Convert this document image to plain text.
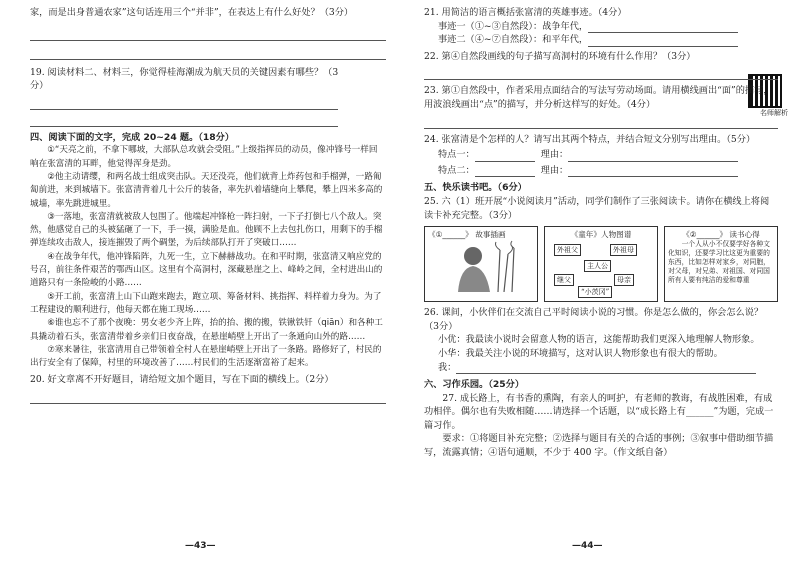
家，而是出身普通农家”这句话连用三个“并非”，在表达上有什么好处？（3分）

19. 阅读材料二、材料三，你觉得桂海潮成为航天员的关键因素有哪些？（3分）

四、阅读下面的文字，完成 20~24 题。（18分）

①“天亮之前，不拿下哪坡，大部队总攻就会受阻。”上级指挥员的动员，像冲锋号一样回响在张富清的耳畔，他觉得浑身是劲。

②他主动请缨，和两名战士组成突击队。天还没亮，他们就背上炸药包和手榴弹，一路匍匐前进，来到城墙下。张富清背着几十公斤的装备，率先扒着墙缝向上攀爬，攀上四米多高的城墙，率先跳进城里。

③一落地，张富清就被敌人包围了。他端起冲锋枪一阵扫射，一下子打倒七八个敌人。突然，他感觉自己的头被猛砸了一下，手一摸，满脸是血。他顾不上去包扎伤口，用剩下的手榴弹连续攻击敌人，接连摧毁了两个碉堡，为后续部队打开了突破口……

④在战争年代，他冲锋陷阵，九死一生，立下赫赫战功。在和平时期，张富清又响应党的号召，前往条件艰苦的鄂西山区。这里有个高洞村，深藏悬崖之上、峰岭之间，全村进出山的道路只有一条险峻的小路……

⑤开工前，张富清上山下山跑来跑去，跑立项、筹备材料、挑指挥、料样着力身为。为了工程建设的顺利进行，他每天都在施工现场……

⑥谁也忘不了那个夜晚：男女老少齐上阵，抬的抬、搬的搬，铁锹铁钎（qiān）和各种工具撬动着石头，张富清带着乡亲们日夜奋战，在悬崖峭壁上开出了一条通向山外的路……

⑦寒来暑往，张富清用自己带领着全村人在悬崖峭壁上开出了一条路。路修好了，村民的出行安全有了保障，村里的环境改善了……村民们的生活逐渐富裕了起来。

20. 好文章离不开好题目，请给短文加个题目，写在下面的横线上。（2分）

—43—
名师解析

21. 用简洁的语言概括张富清的英雄事迹。（4分）

事迹一（①~③自然段）：战争年代，

事迹二（④~⑦自然段）：和平年代，

22. 第④自然段画线的句子描写高洞村的环境有什么作用？（3分）

23. 第①自然段中，作者采用点面结合的写法写劳动场面。请用横线画出“面”的描写，用波浪线画出“点”的描写，并分析这样写的好处。（4分）

24. 张富清是个怎样的人？请写出其两个特点，并结合短文分别写出理由。（5分）

特点一：	理由：

特点二：	理由：

五、快乐读书吧。（6分）

25. 六（1）班开展“小说阅读月”活动，同学们制作了三张阅读卡。请你在横线上将阅读卡补充完整。（3分）

《①______》 故事插画	《童年》人物图谱
外祖父	外祖母
主人公
继父	母亲
“小茨冈”
《②______》 读书心得
一个人从小不仅要学好各种文化知识，还要学习比这更为重要的东西，比如怎样对家乡，对同胞，对父母，对兄弟、对祖国、对同国所有人要有纯洁的爱和尊重

26. 课间，小伙伴们在交流自己平时阅读小说的习惯。你是怎么做的，你会怎么说？（3分）

小优：我最读小说时会留意人物的语言，这能帮助我们更深入地理解人物形象。

小华：我最关注小说的环境描写，这对认识人物形象也有很大的帮助。

我：

六、习作乐园。（25分）

27. 成长路上，有书香的熏陶，有亲人的呵护，有老师的教诲，有战胜困难，有成功相伴。偶尔也有失败相随……请选择一个话题，以“成长路上有______”为题，完成一篇习作。

要求：①将题目补充完整；②选择与题目有关的合适的事例；③叙事中借助细节描写，流露真情；④语句通顺，不少于 400 字。（作文纸自备）

—44—
